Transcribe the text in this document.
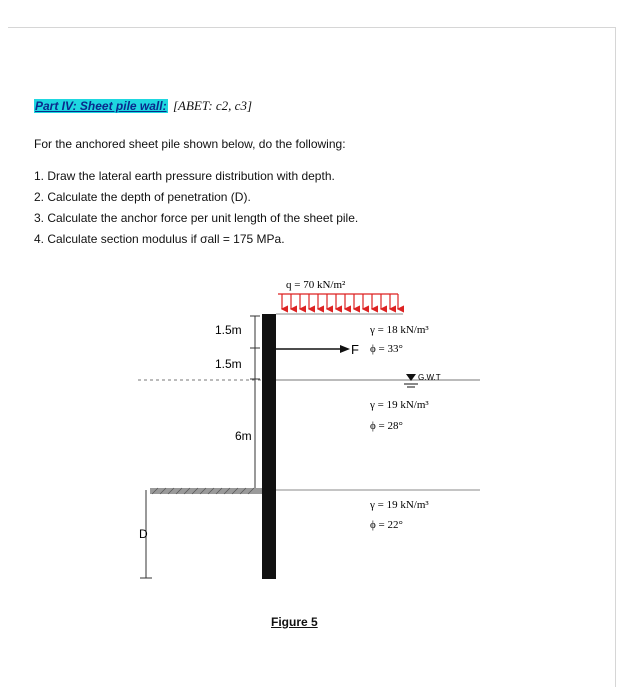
Part IV: Sheet pile wall: [ABET: c2, c3]
For the anchored sheet pile shown below, do the following:
1. Draw the lateral earth pressure distribution with depth.
2. Calculate the depth of penetration (D).
3. Calculate the anchor force per unit length of the sheet pile.
4. Calculate section modulus if σall = 175 MPa.
q = 70 kN/m²
1.5m
1.5m
6m
D
G.W.T
F
γ = 18 kN/m³
ϕ = 33°
γ = 19 kN/m³
ϕ = 28°
γ = 19 kN/m³
ϕ = 22°
Figure 5
